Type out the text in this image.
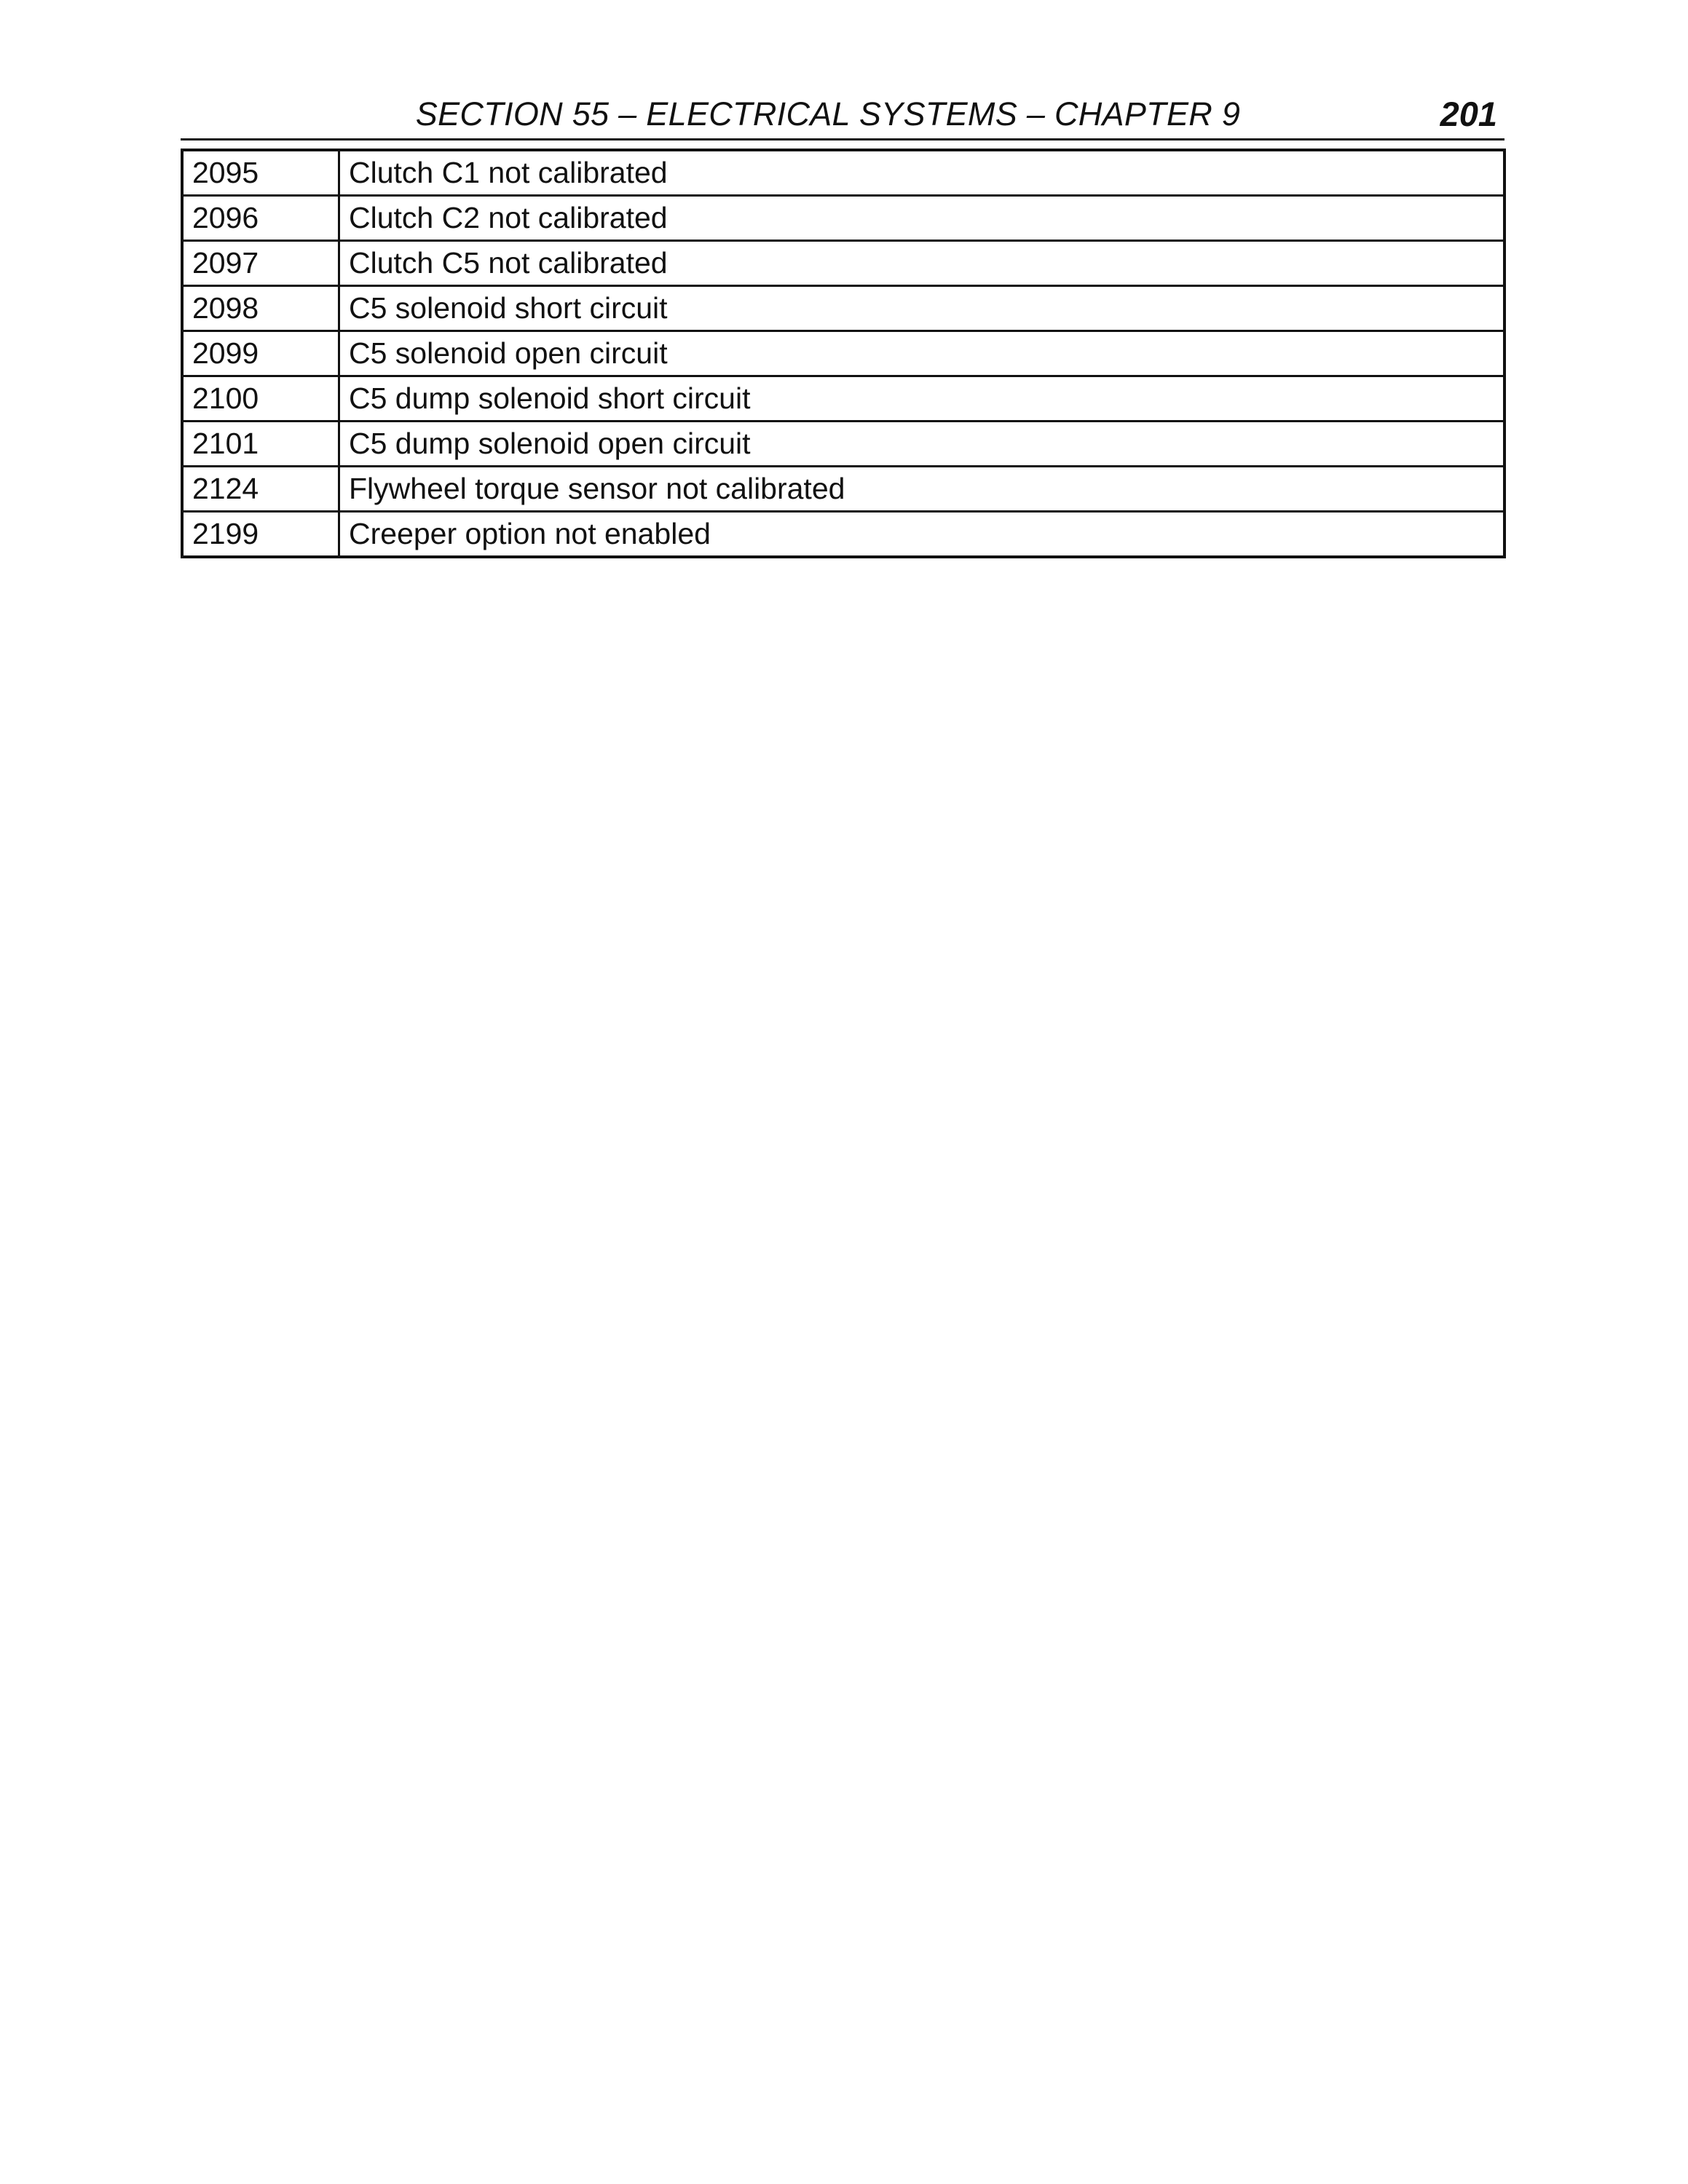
SECTION 55 – ELECTRICAL SYSTEMS – CHAPTER 9	201
2095	Clutch C1 not calibrated
2096	Clutch C2 not calibrated
2097	Clutch C5 not calibrated
2098	C5 solenoid short circuit
2099	C5 solenoid open circuit
2100	C5 dump solenoid short circuit
2101	C5 dump solenoid open circuit
2124	Flywheel torque sensor not calibrated
2199	Creeper option not enabled
